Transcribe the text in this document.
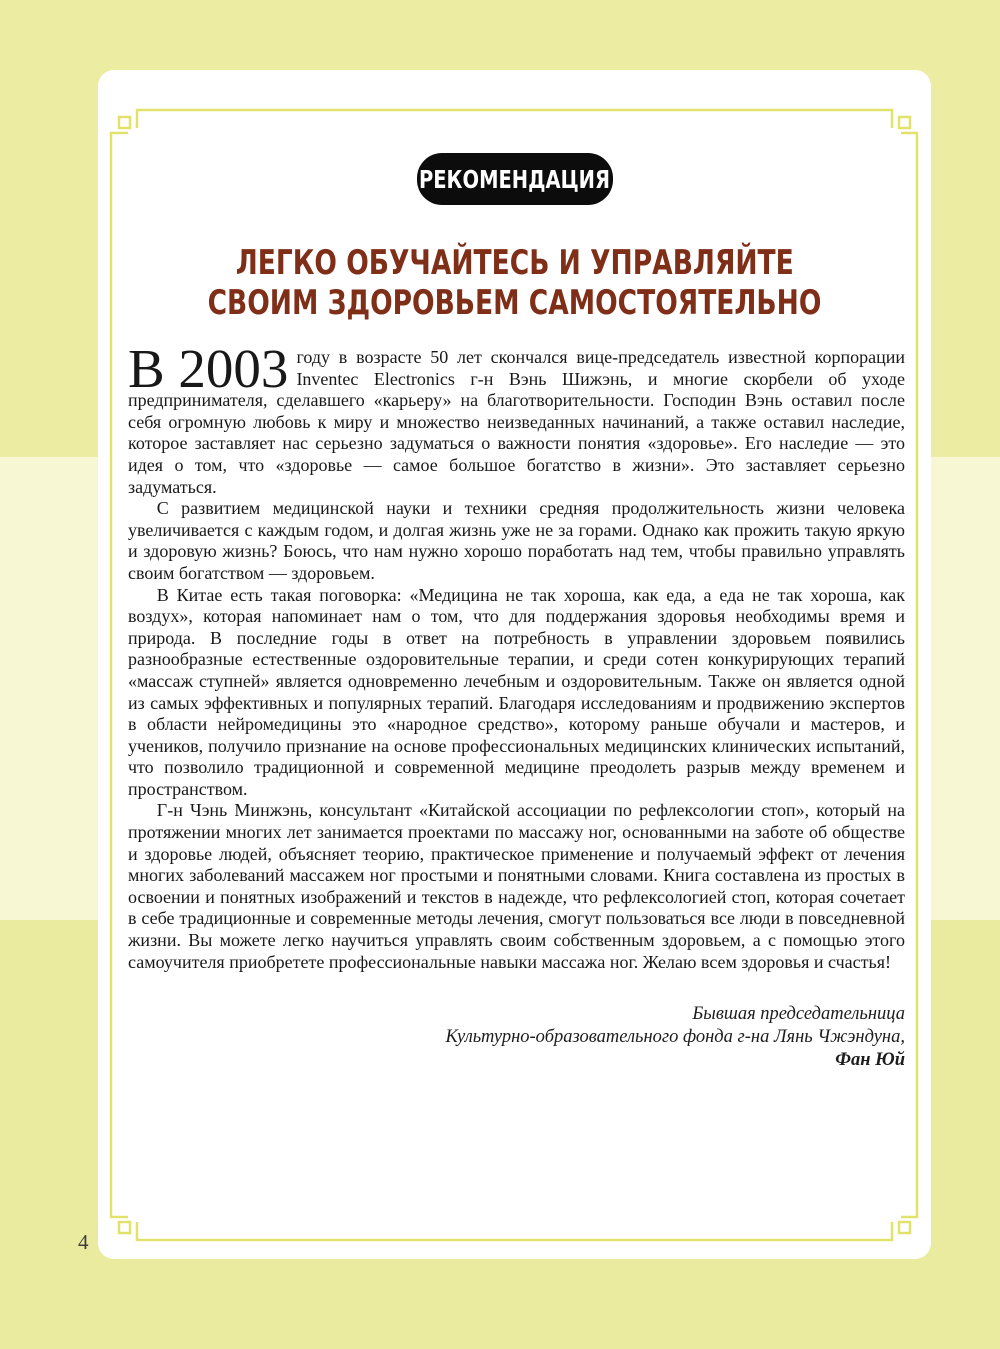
РЕКОМЕНДАЦИЯ
ЛЕГКО ОБУЧАЙТЕСЬ И УПРАВЛЯЙТЕ
СВОИМ ЗДОРОВЬЕМ САМОСТОЯТЕЛЬНО

В 2003 году в возрасте 50 лет скончался вице-председатель известной корпорации Inventec Electronics г-н Вэнь Шижэнь, и многие скорбели об уходе предпринимателя, сделавшего «карьеру» на благотворительности. Господин Вэнь оставил после себя огромную любовь к миру и множество неизведанных начинаний, а также оставил наследие, которое заставляет нас серьезно задуматься о важности понятия «здоровье». Его наследие — это идея о том, что «здоровье — самое большое богатство в жизни». Это заставляет серьезно задуматься.

С развитием медицинской науки и техники средняя продолжительность жизни человека увеличивается с каждым годом, и долгая жизнь уже не за горами. Однако как прожить такую яркую и здоровую жизнь? Боюсь, что нам нужно хорошо поработать над тем, чтобы правильно управлять своим богатством — здоровьем.

В Китае есть такая поговорка: «Медицина не так хороша, как еда, а еда не так хороша, как воздух», которая напоминает нам о том, что для поддержания здоровья необходимы время и природа. В последние годы в ответ на потребность в управлении здоровьем появились разнообразные естественные оздоровительные терапии, и среди сотен конкурирующих терапий «массаж ступней» является одновременно лечебным и оздоровительным. Также он является одной из самых эффективных и популярных терапий. Благодаря исследованиям и продвижению экспертов в области нейромедицины это «народное средство», которому раньше обучали и мастеров, и учеников, получило признание на основе профессиональных медицинских клинических испытаний, что позволило традиционной и современной медицине преодолеть разрыв между временем и пространством.

Г-н Чэнь Минжэнь, консультант «Китайской ассоциации по рефлексологии стоп», который на протяжении многих лет занимается проектами по массажу ног, основанными на заботе об обществе и здоровье людей, объясняет теорию, практическое применение и получаемый эффект от лечения многих заболеваний массажем ног простыми и понятными словами. Книга составлена из простых в освоении и понятных изображений и текстов в надежде, что рефлексологией стоп, которая сочетает в себе традиционные и современные методы лечения, смогут пользоваться все люди в повседневной жизни. Вы можете легко научиться управлять своим собственным здоровьем, а с помощью этого самоучителя приобретете профессиональные навыки массажа ног. Желаю всем здоровья и счастья!

Бывшая председательница
Культурно-образовательного фонда г-на Лянь Чжэндуна,
Фан Юй
4
